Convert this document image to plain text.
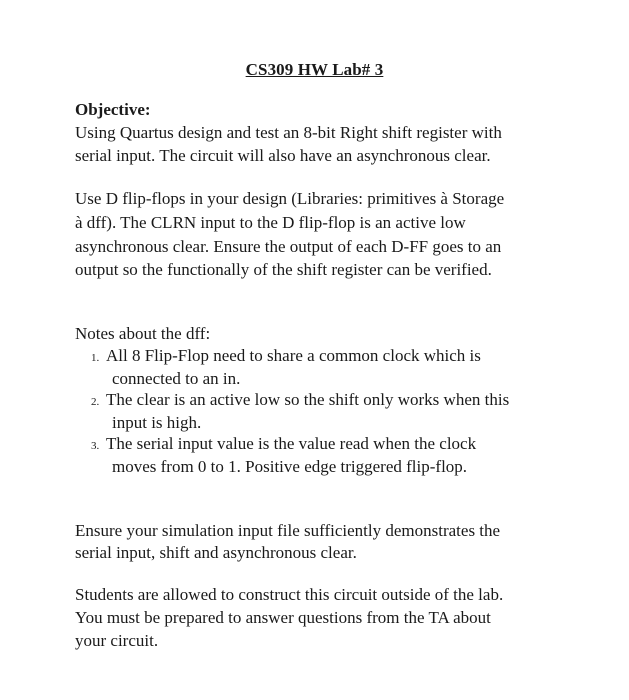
CS309 HW Lab# 3
Objective:
Using Quartus design and test an 8-bit Right shift register with
serial input. The circuit will also have an asynchronous clear.
Use D flip-flops in your design (Libraries: primitives à Storage
à dff). The CLRN input to the D flip-flop is an active low
asynchronous clear. Ensure the output of each D-FF goes to an
output so the functionally of the shift register can be verified.
Notes about the dff:
1. All 8 Flip-Flop need to share a common clock which is
connected to an in.
2. The clear is an active low so the shift only works when this
input is high.
3. The serial input value is the value read when the clock
moves from 0 to 1. Positive edge triggered flip-flop.
Ensure your simulation input file sufficiently demonstrates the
serial input, shift and asynchronous clear.
Students are allowed to construct this circuit outside of the lab.
You must be prepared to answer questions from the TA about
your circuit.
